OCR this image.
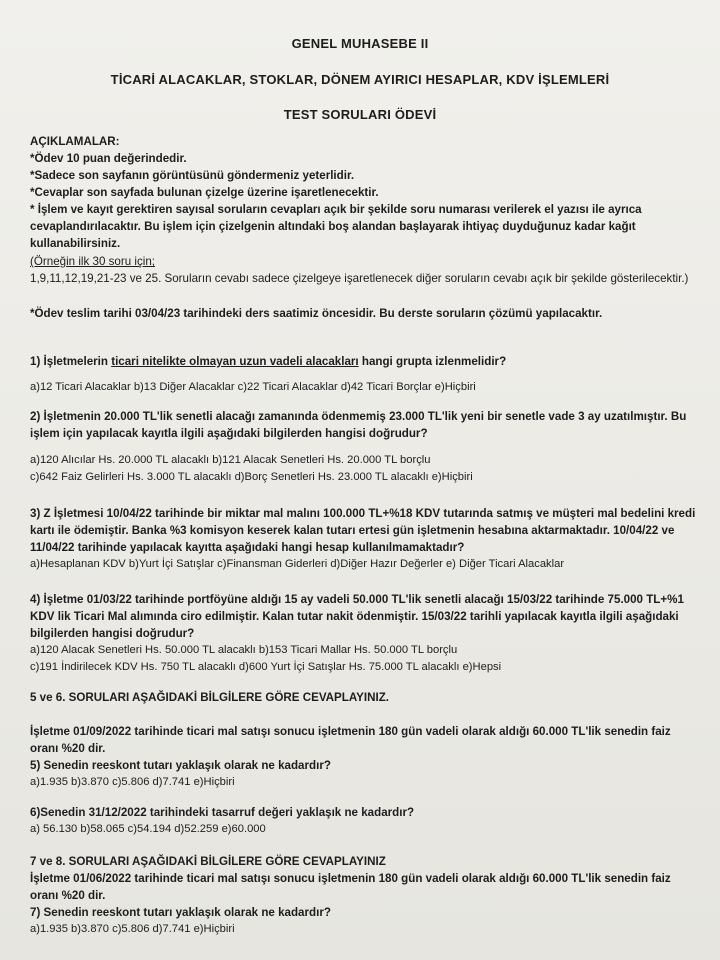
GENEL MUHASEBE II
TİCARİ ALACAKLAR, STOKLAR, DÖNEM AYIRICI HESAPLAR, KDV İŞLEMLERİ
TEST SORULARI ÖDEVİ
AÇIKLAMALAR:
*Ödev 10 puan değerindedir.
*Sadece son sayfanın görüntüsünü göndermeniz yeterlidir.
*Cevaplar son sayfada bulunan çizelge üzerine işaretlenecektir.
* İşlem ve kayıt gerektiren sayısal soruların cevapları açık bir şekilde soru numarası verilerek el yazısı ile ayrıca cevaplandırılacaktır. Bu işlem için çizelgenin altındaki boş alandan başlayarak ihtiyaç duyduğunuz kadar kağıt kullanabilirsiniz.
(Örneğin ilk 30 soru için;
1,9,11,12,19,21-23 ve 25. Soruların cevabı sadece çizelgeye işaretlenecek diğer soruların cevabı açık bir şekilde gösterilecektir.)
*Ödev teslim tarihi 03/04/23 tarihindeki ders saatimiz öncesidir. Bu derste soruların çözümü yapılacaktır.
1) İşletmelerin ticari nitelikte olmayan uzun vadeli alacakları hangi grupta izlenmelidir?
a)12 Ticari Alacaklar b)13 Diğer Alacaklar c)22 Ticari Alacaklar d)42 Ticari Borçlar e)Hiçbiri
2) İşletmenin 20.000 TL'lik senetli alacağı zamanında ödenmemiş 23.000 TL'lik yeni bir senetle vade 3 ay uzatılmıştır. Bu işlem için yapılacak kayıtla ilgili aşağıdaki bilgilerden hangisi doğrudur?
a)120 Alıcılar Hs. 20.000 TL alacaklı b)121 Alacak Senetleri Hs. 20.000 TL borçlu
c)642 Faiz Gelirleri Hs. 3.000 TL alacaklı d)Borç Senetleri Hs. 23.000 TL alacaklı e)Hiçbiri
3) Z İşletmesi 10/04/22 tarihinde bir miktar mal malını 100.000 TL+%18 KDV tutarında satmış ve müşteri mal bedelini kredi kartı ile ödemiştir. Banka %3 komisyon keserek kalan tutarı ertesi gün işletmenin hesabına aktarmaktadır. 10/04/22 ve 11/04/22 tarihinde yapılacak kayıtta aşağıdaki hangi hesap kullanılmamaktadır?
a)Hesaplanan KDV b)Yurt İçi Satışlar c)Finansman Giderleri d)Diğer Hazır Değerler e) Diğer Ticari Alacaklar
4) İşletme 01/03/22 tarihinde portföyüne aldığı 15 ay vadeli 50.000 TL'lik senetli alacağı 15/03/22 tarihinde 75.000 TL+%1 KDV lik Ticari Mal alımında ciro edilmiştir. Kalan tutar nakit ödenmiştir. 15/03/22 tarihli yapılacak kayıtla ilgili aşağıdaki bilgilerden hangisi doğrudur?
a)120 Alacak Senetleri Hs. 50.000 TL alacaklı b)153 Ticari Mallar Hs. 50.000 TL borçlu
c)191 İndirilecek KDV Hs. 750 TL alacaklı d)600 Yurt İçi Satışlar Hs. 75.000 TL alacaklı e)Hepsi
5 ve 6. SORULARI AŞAĞIDAKİ BİLGİLERE GÖRE CEVAPLAYINIZ.
İşletme 01/09/2022 tarihinde ticari mal satışı sonucu işletmenin 180 gün vadeli olarak aldığı 60.000 TL'lik senedin faiz oranı %20 dir.
5) Senedin reeskont tutarı yaklaşık olarak ne kadardır?
a)1.935 b)3.870 c)5.806 d)7.741 e)Hiçbiri
6)Senedin 31/12/2022 tarihindeki tasarruf değeri yaklaşık ne kadardır?
a) 56.130 b)58.065 c)54.194 d)52.259 e)60.000
7 ve 8. SORULARI AŞAĞIDAKİ BİLGİLERE GÖRE CEVAPLAYINIZ
İşletme 01/06/2022 tarihinde ticari mal satışı sonucu işletmenin 180 gün vadeli olarak aldığı 60.000 TL'lik senedin faiz oranı %20 dir.
7) Senedin reeskont tutarı yaklaşık olarak ne kadardır?
a)1.935 b)3.870 c)5.806 d)7.741 e)Hiçbiri
